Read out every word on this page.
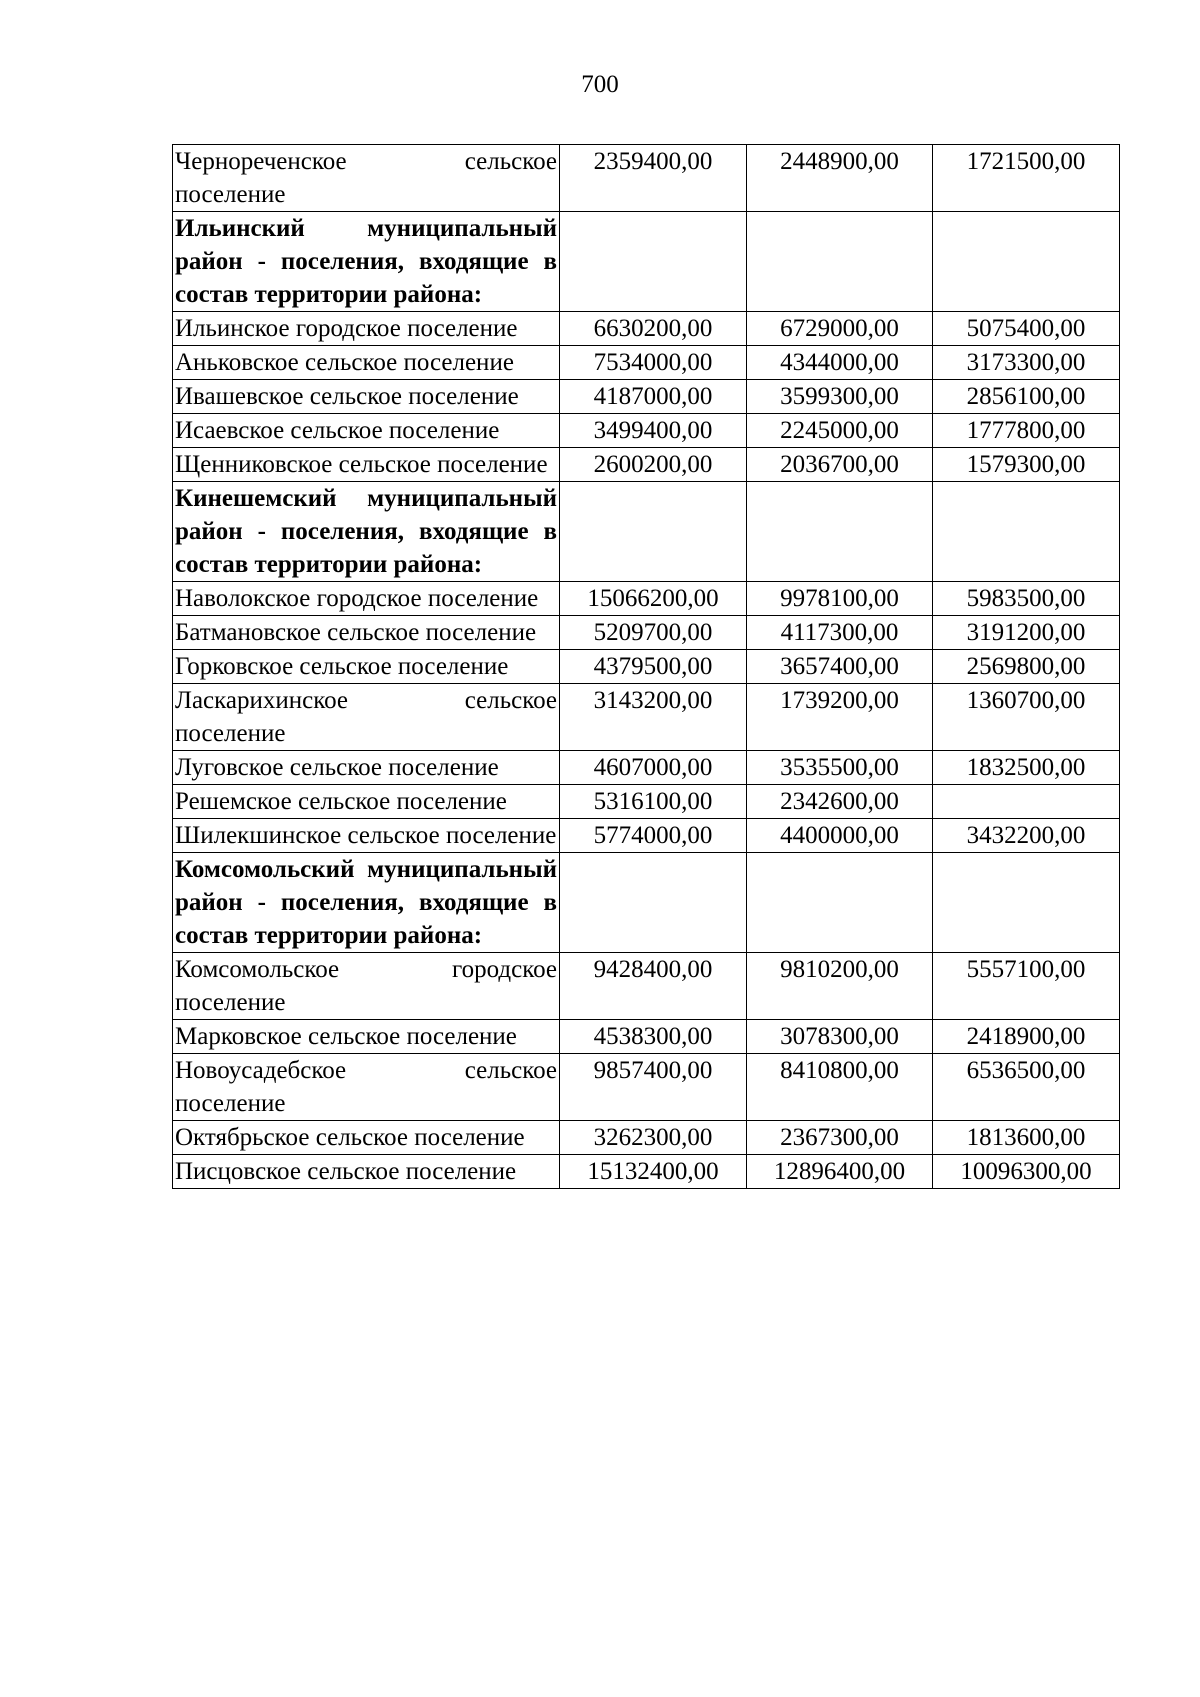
700
Чернореченское сельское поселение	2359400,00	2448900,00	1721500,00
Ильинский муниципальный район - поселения, входящие в состав территории района:			
Ильинское городское поселение	6630200,00	6729000,00	5075400,00
Аньковское сельское поселение	7534000,00	4344000,00	3173300,00
Ивашевское сельское поселение	4187000,00	3599300,00	2856100,00
Исаевское сельское поселение	3499400,00	2245000,00	1777800,00
Щенниковское сельское поселение	2600200,00	2036700,00	1579300,00
Кинешемский муниципальный район - поселения, входящие в состав территории района:			
Наволокское городское поселение	15066200,00	9978100,00	5983500,00
Батмановское сельское поселение	5209700,00	4117300,00	3191200,00
Горковское сельское поселение	4379500,00	3657400,00	2569800,00
Ласкарихинское сельское поселение	3143200,00	1739200,00	1360700,00
Луговское сельское поселение	4607000,00	3535500,00	1832500,00
Решемское сельское поселение	5316100,00	2342600,00	
Шилекшинское сельское поселение	5774000,00	4400000,00	3432200,00
Комсомольский муниципальный район - поселения, входящие в состав территории района:			
Комсомольское городское поселение	9428400,00	9810200,00	5557100,00
Марковское сельское поселение	4538300,00	3078300,00	2418900,00
Новоусадебское сельское поселение	9857400,00	8410800,00	6536500,00
Октябрьское сельское поселение	3262300,00	2367300,00	1813600,00
Писцовское сельское поселение	15132400,00	12896400,00	10096300,00
